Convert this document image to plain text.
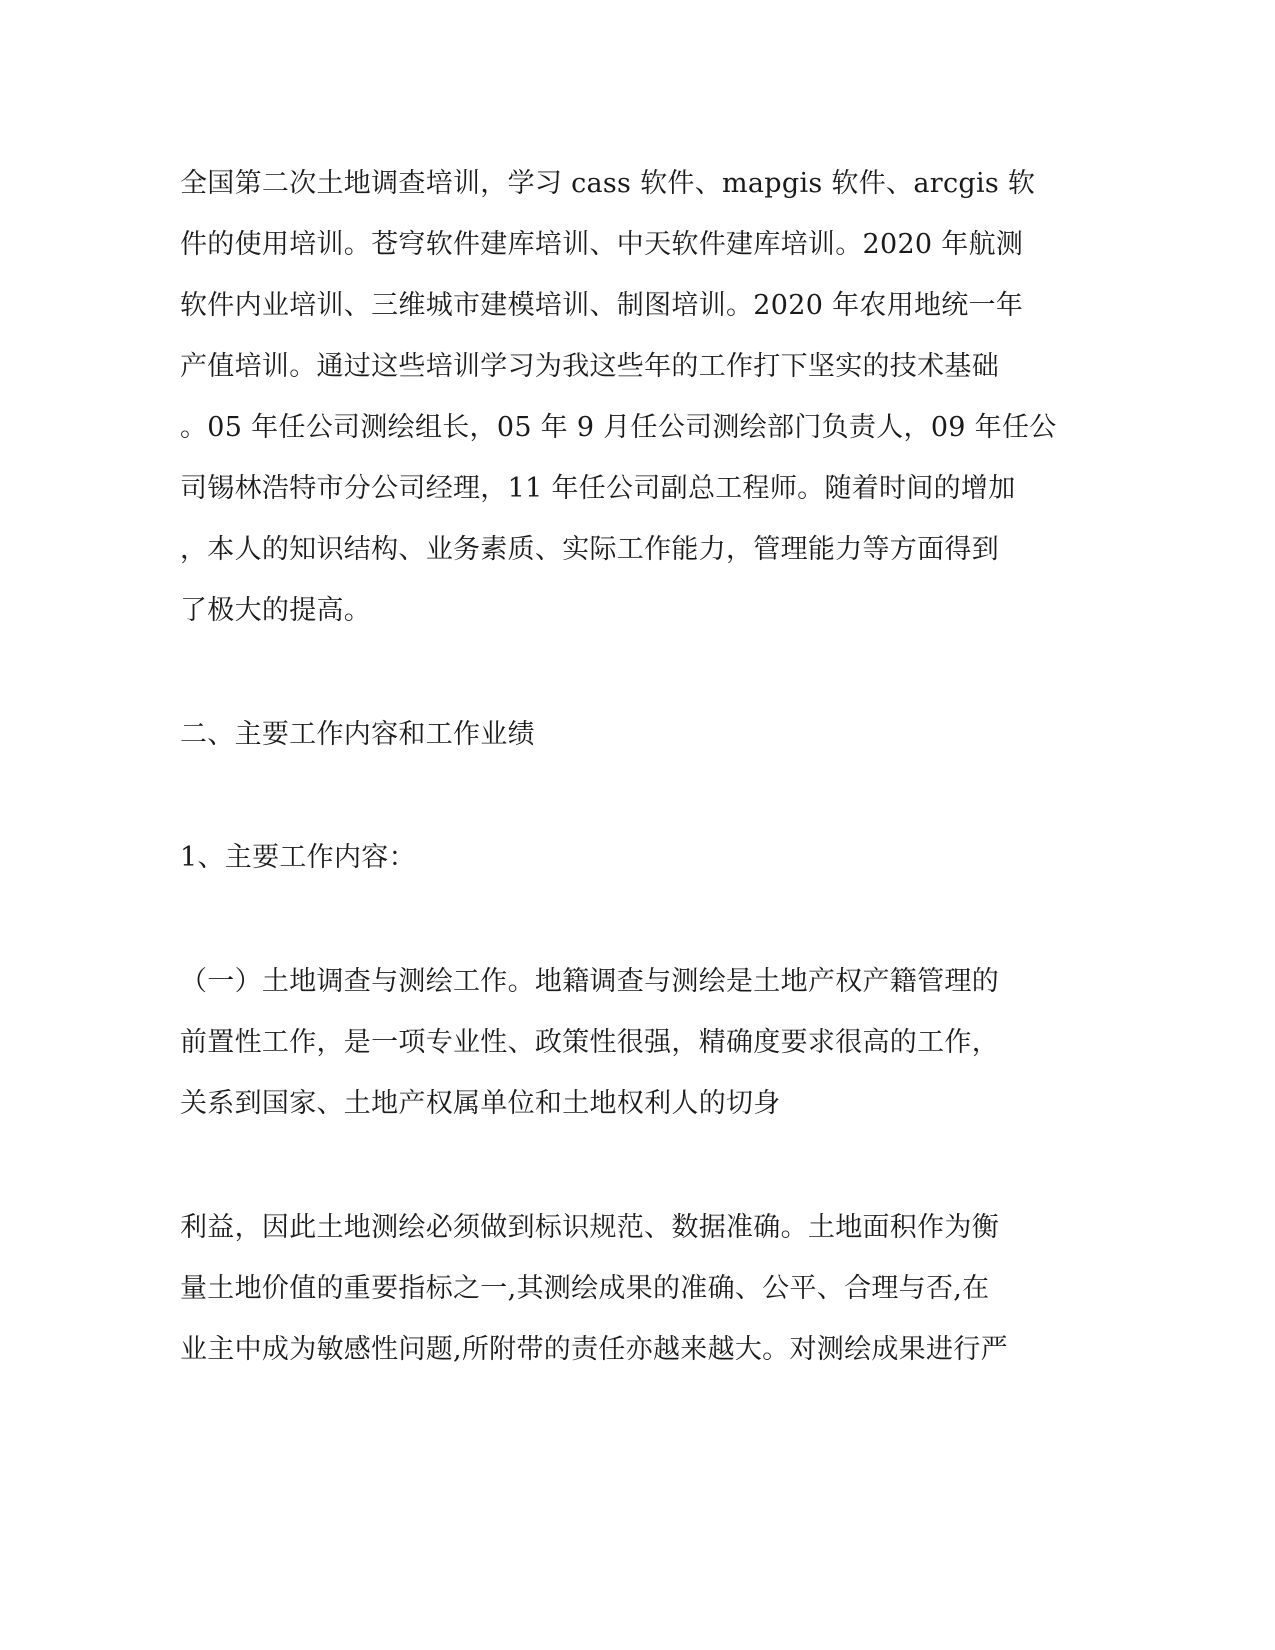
全国第二次土地调查培训，学习 cass 软件、mapgis 软件、arcgis 软
件的使用培训。苍穹软件建库培训、中天软件建库培训。2020 年航测
软件内业培训、三维城市建模培训、制图培训。2020 年农用地统一年
产值培训。通过这些培训学习为我这些年的工作打下坚实的技术基础
。05 年任公司测绘组长，05 年 9 月任公司测绘部门负责人，09 年任公
司锡林浩特市分公司经理，11 年任公司副总工程师。随着时间的增加
，本人的知识结构、业务素质、实际工作能力，管理能力等方面得到
了极大的提高。
二、主要工作内容和工作业绩
1、主要工作内容：
（一）土地调查与测绘工作。地籍调查与测绘是土地产权产籍管理的
前置性工作，是一项专业性、政策性很强，精确度要求很高的工作，
关系到国家、土地产权属单位和土地权利人的切身
利益，因此土地测绘必须做到标识规范、数据准确。土地面积作为衡
量土地价值的重要指标之一,其测绘成果的准确、公平、合理与否,在
业主中成为敏感性问题,所附带的责任亦越来越大。对测绘成果进行严
